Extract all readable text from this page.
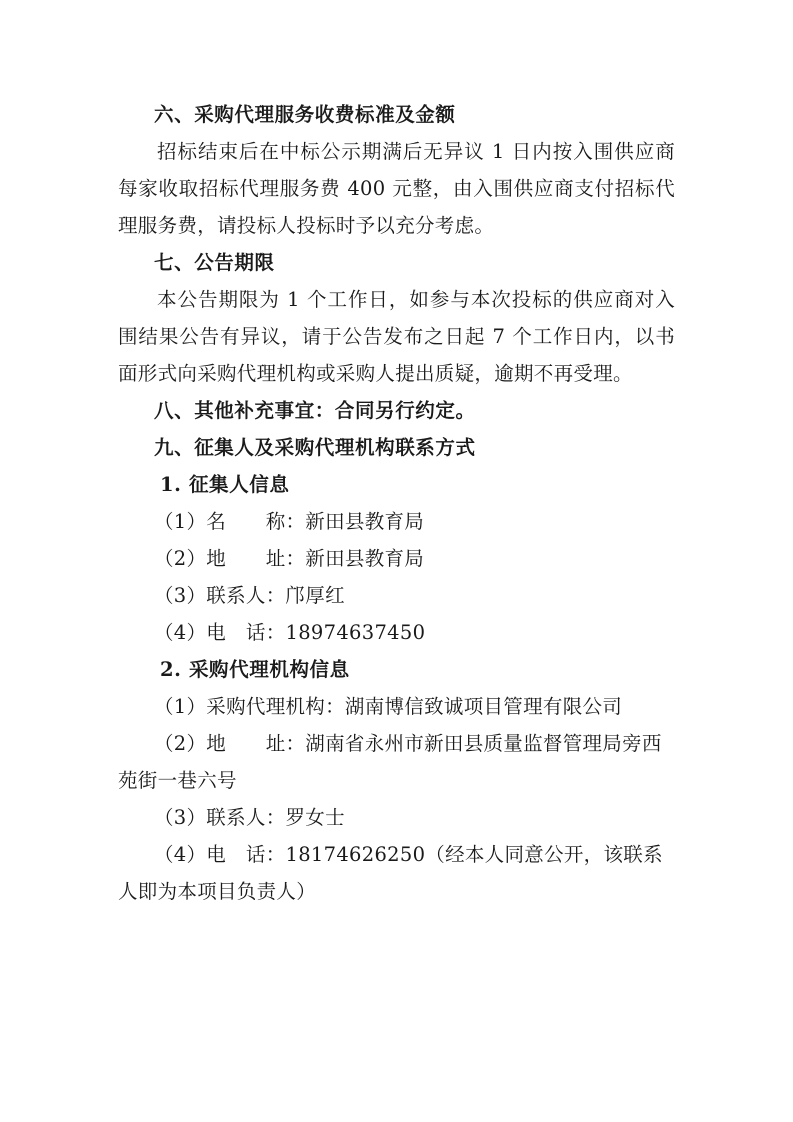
六、采购代理服务收费标准及金额

招标结束后在中标公示期满后无异议 1 日内按入围供应商每家收取招标代理服务费 400 元整，由入围供应商支付招标代理服务费，请投标人投标时予以充分考虑。

七、公告期限

本公告期限为 1 个工作日，如参与本次投标的供应商对入围结果公告有异议，请于公告发布之日起 7 个工作日内，以书面形式向采购代理机构或采购人提出质疑，逾期不再受理。

八、其他补充事宜：合同另行约定。

九、征集人及采购代理机构联系方式

1. 征集人信息

（1）名　　称：新田县教育局

（2）地　　址：新田县教育局

（3）联系人：邝厚红

（4）电　话：18974637450

2. 采购代理机构信息

（1）采购代理机构：湖南博信致诚项目管理有限公司

（2）地　　址：湖南省永州市新田县质量监督管理局旁西苑街一巷六号

（3）联系人：罗女士

（4）电　话：18174626250（经本人同意公开，该联系人即为本项目负责人）
